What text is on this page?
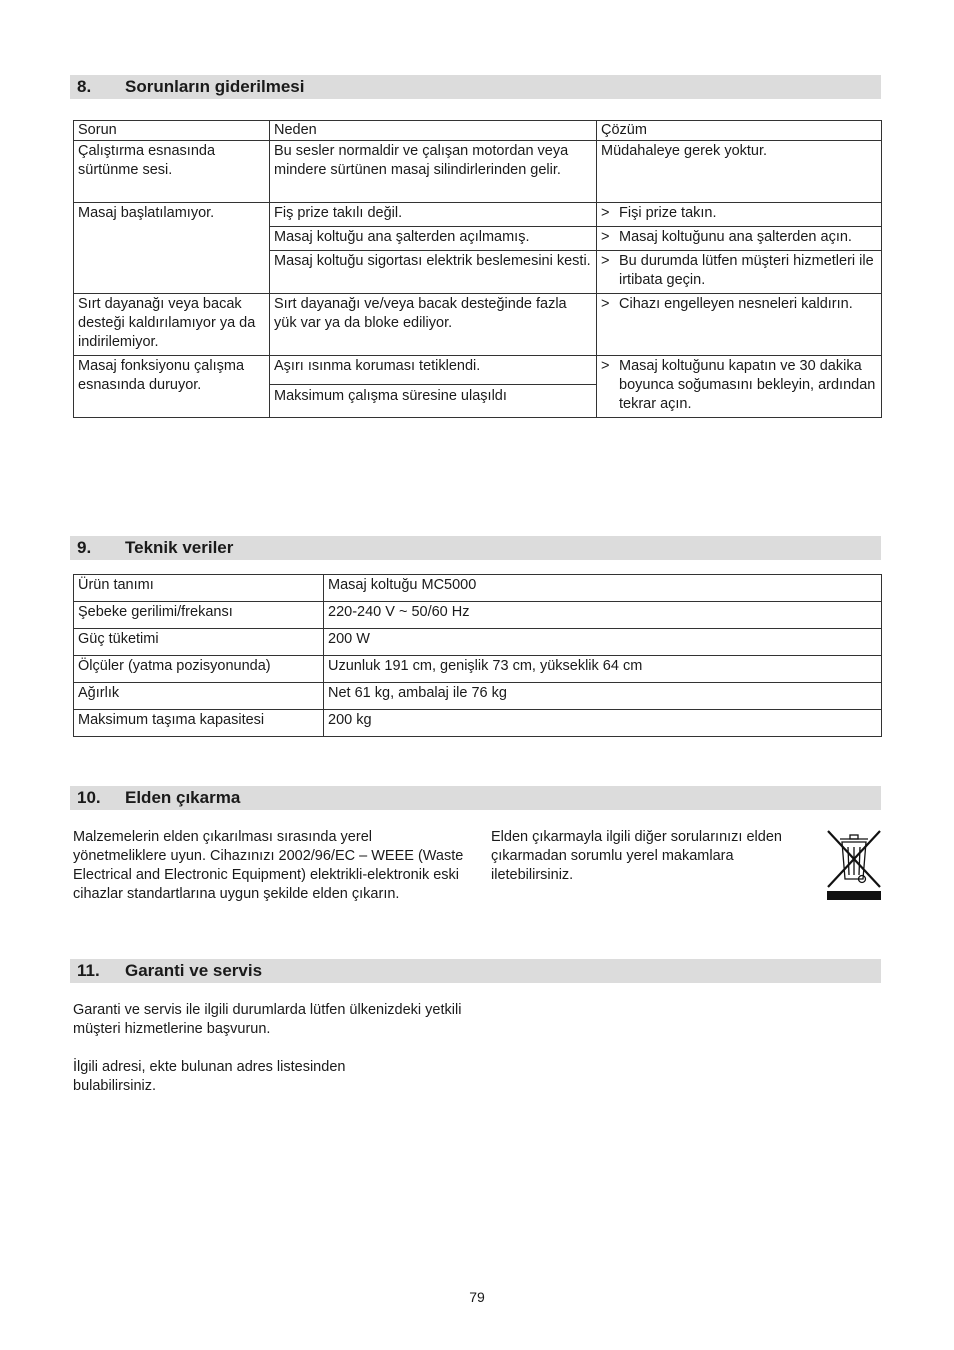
8. Sorunların giderilmesi
Sorun	Neden	Çözüm
Çalıştırma esnasında sürtünme sesi.	Bu sesler normaldir ve çalışan motordan veya mindere sürtünen masaj silindirlerinden gelir.	Müdahaleye gerek yoktur.
Masaj başlatılamıyor.	Fiş prize takılı değil.	> Fişi prize takın.

	Masaj koltuğu ana şalterden açılmamış.	> Masaj koltuğunu ana şalterden açın.

	Masaj koltuğu sigortası elektrik beslemesini kesti.	> Bu durumda lütfen müşteri hizmetleri ile irtibata geçin.

Sırt dayanağı veya bacak desteği kaldırılamıyor ya da indirilemiyor.	Sırt dayanağı ve/veya bacak desteğinde fazla yük var ya da bloke ediliyor.	> Cihazı engelleyen nesneleri kaldırın.

Masaj fonksiyonu çalışma esnasında duruyor.	Aşırı ısınma koruması tetiklendi.	> Masaj koltuğunu kapatın ve 30 dakika boyunca soğumasını bekleyin, ardından tekrar açın.

	Maksimum çalışma süresine ulaşıldı	
9. Teknik veriler
Ürün tanımı	Masaj koltuğu MC5000
Şebeke gerilimi/frekansı	220-240 V ~ 50/60 Hz
Güç tüketimi	200 W
Ölçüler (yatma pozisyonunda)	Uzunluk 191 cm, genişlik 73 cm, yükseklik 64 cm
Ağırlık	Net 61 kg, ambalaj ile 76 kg
Maksimum taşıma kapasitesi	200 kg
10. Elden çıkarma
Malzemelerin elden çıkarılması sırasında yerel yönetmeliklere uyun. Cihazınızı 2002/96/EC – WEEE (Waste Electrical and Electronic Equipment) elektrikli-elektronik eski cihazlar standartlarına uygun şekilde elden çıkarın.
Elden çıkarmayla ilgili diğer sorularınızı elden çıkarmadan sorumlu yerel makamlara iletebilirsiniz.
11. Garanti ve servis
Garanti ve servis ile ilgili durumlarda lütfen ülkenizdeki yetkili müşteri hizmetlerine başvurun.
İlgili adresi, ekte bulunan adres listesinden bulabilirsiniz.
79
